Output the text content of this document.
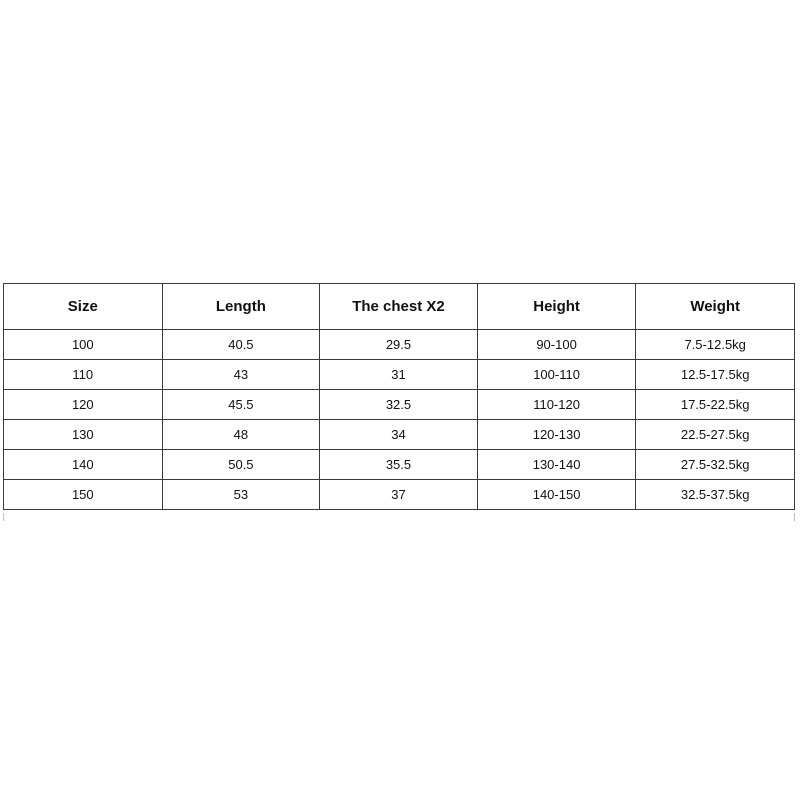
Size	Length	The chest X2	Height	Weight
100	40.5	29.5	90-100	7.5-12.5kg
110	43	31	100-110	12.5-17.5kg
120	45.5	32.5	110-120	17.5-22.5kg
130	48	34	120-130	22.5-27.5kg
140	50.5	35.5	130-140	27.5-32.5kg
150	53	37	140-150	32.5-37.5kg
